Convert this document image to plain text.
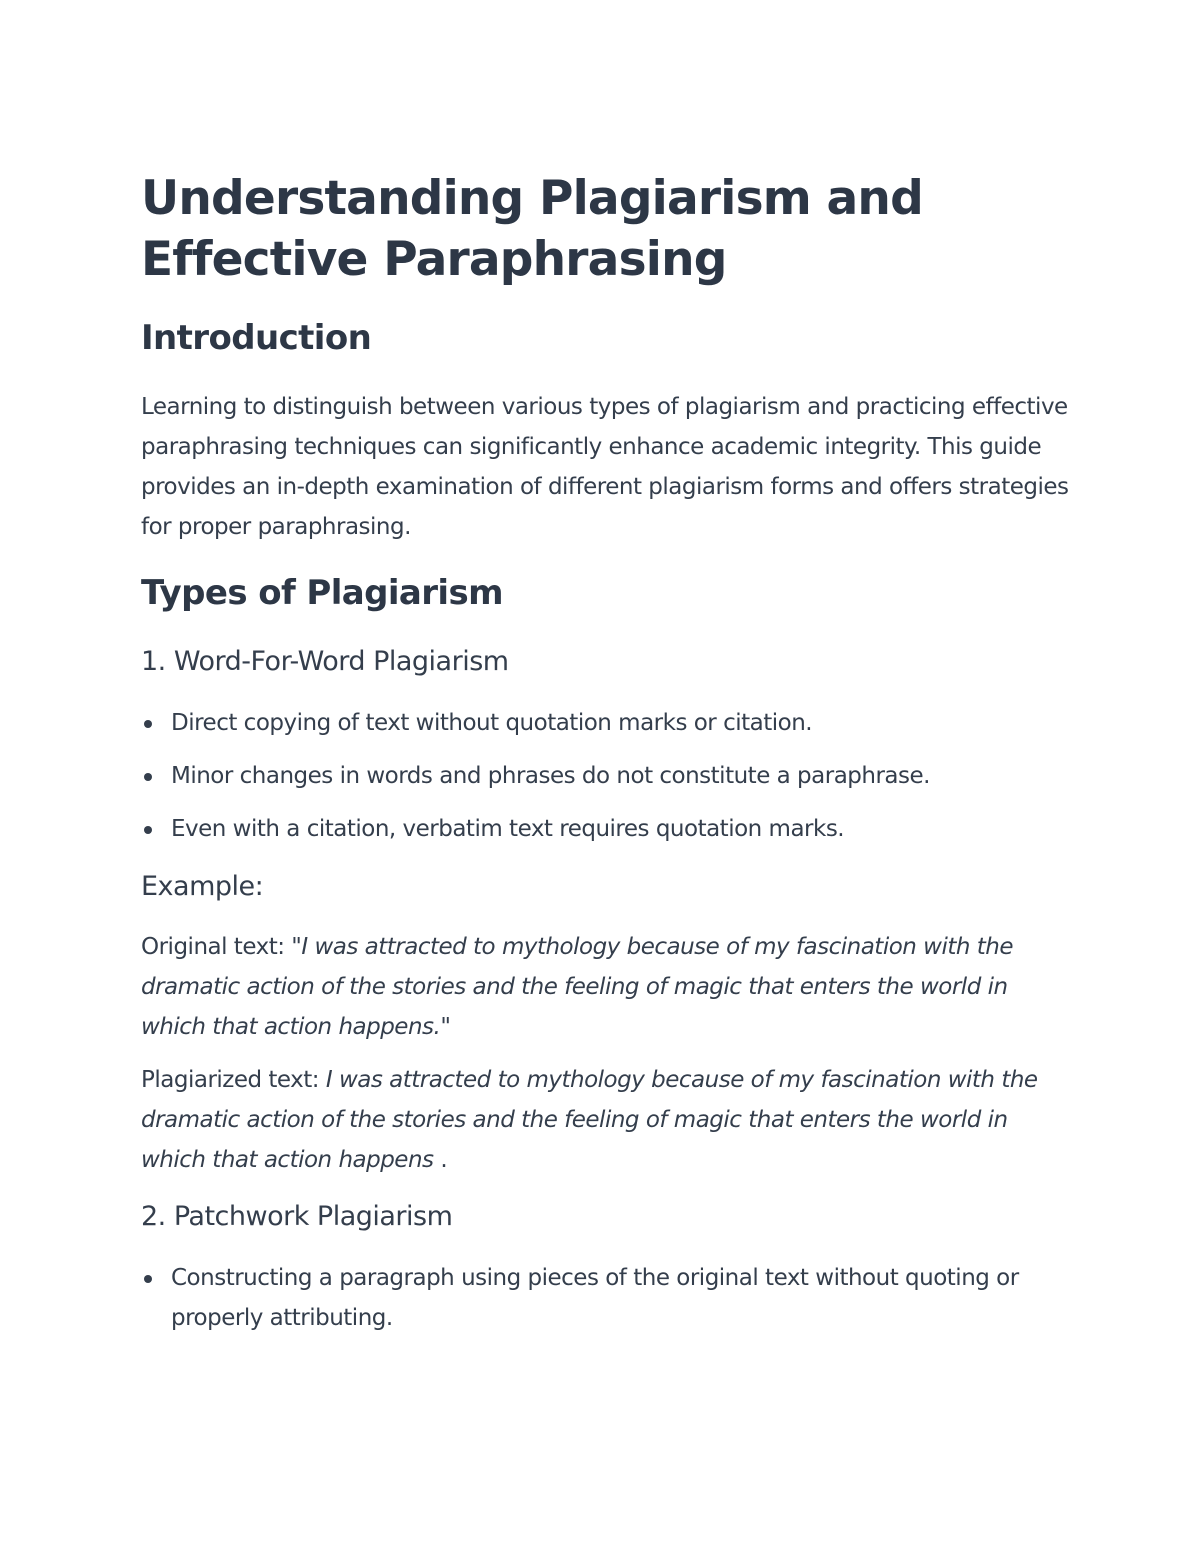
Understanding Plagiarism and Effective Paraphrasing
Introduction

Learning to distinguish between various types of plagiarism and practicing effective paraphrasing techniques can significantly enhance academic integrity. This guide provides an in-depth examination of different plagiarism forms and offers strategies for proper paraphrasing.

Types of Plagiarism
1. Word-For-Word Plagiarism
Direct copying of text without quotation marks or citation.
Minor changes in words and phrases do not constitute a paraphrase.
Even with a citation, verbatim text requires quotation marks.
Example:

Original text: "I was attracted to mythology because of my fascination with the dramatic action of the stories and the feeling of magic that enters the world in which that action happens."

Plagiarized text: I was attracted to mythology because of my fascination with the dramatic action of the stories and the feeling of magic that enters the world in which that action happens .

2. Patchwork Plagiarism
Constructing a paragraph using pieces of the original text without quoting or properly attributing.
